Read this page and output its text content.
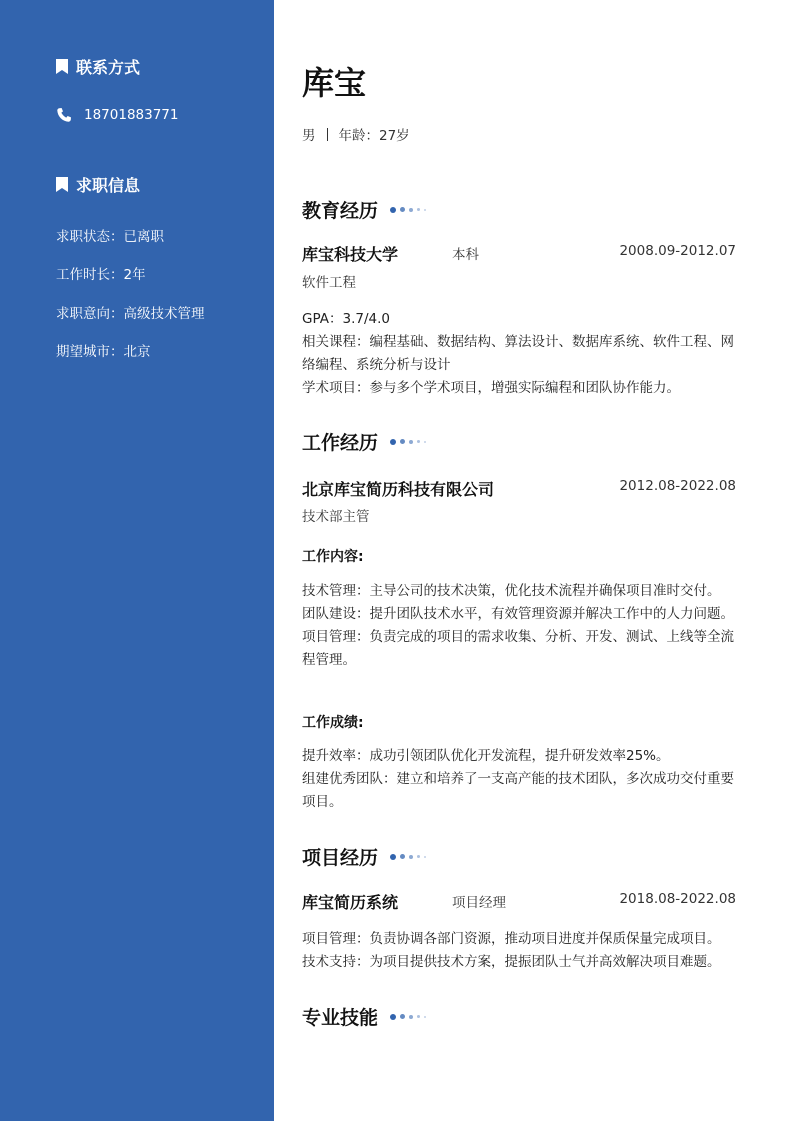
联系方式
18701883771
求职信息
求职状态：已离职
工作时长：2年
求职意向：高级技术管理
期望城市：北京
库宝
男 年龄：27岁
教育经历
库宝科技大学	本科	2008.09-2012.07
软件工程
GPA：3.7/4.0
相关课程：编程基础、数据结构、算法设计、数据库系统、软件工程、网络编程、系统分析与设计
学术项目：参与多个学术项目，增强实际编程和团队协作能力。
工作经历
北京库宝简历科技有限公司	2012.08-2022.08
技术部主管
工作内容:
技术管理：主导公司的技术决策，优化技术流程并确保项目准时交付。
团队建设：提升团队技术水平，有效管理资源并解决工作中的人力问题。
项目管理：负责完成的项目的需求收集、分析、开发、测试、上线等全流程管理。
工作成绩:
提升效率：成功引领团队优化开发流程，提升研发效率25%。
组建优秀团队：建立和培养了一支高产能的技术团队，多次成功交付重要项目。
项目经历
库宝简历系统	项目经理	2018.08-2022.08
项目管理：负责协调各部门资源，推动项目进度并保质保量完成项目。
技术支持：为项目提供技术方案，提振团队士气并高效解决项目难题。
专业技能
